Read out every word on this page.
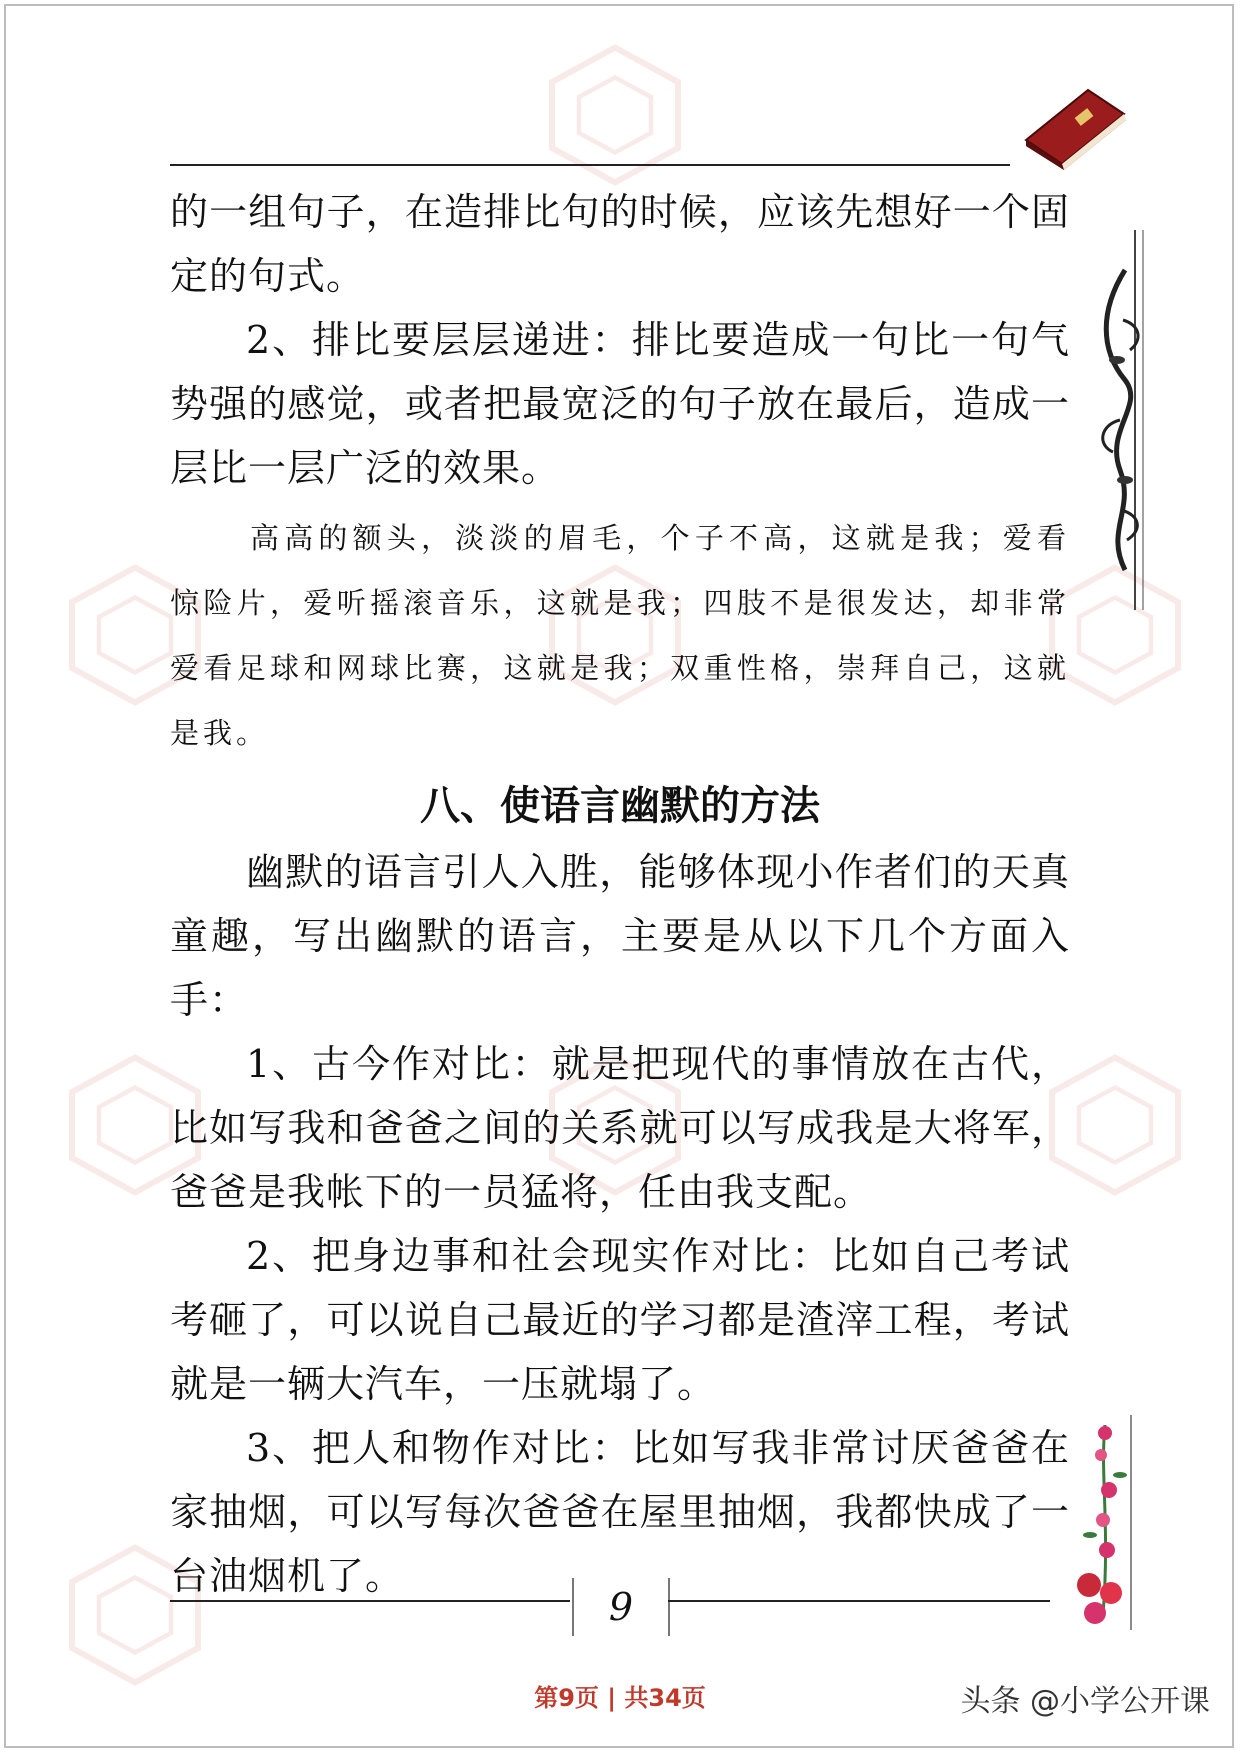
的一组句子，在造排比句的时候，应该先想好一个固定的句式。

2、排比要层层递进：排比要造成一句比一句气势强的感觉，或者把最宽泛的句子放在最后，造成一层比一层广泛的效果。

高高的额头，淡淡的眉毛，个子不高，这就是我；爱看惊险片，爱听摇滚音乐，这就是我；四肢不是很发达，却非常爱看足球和网球比赛，这就是我；双重性格，崇拜自己，这就是我。

八、使语言幽默的方法

幽默的语言引人入胜，能够体现小作者们的天真童趣，写出幽默的语言，主要是从以下几个方面入手：

1、古今作对比：就是把现代的事情放在古代，比如写我和爸爸之间的关系就可以写成我是大将军，爸爸是我帐下的一员猛将，任由我支配。

2、把身边事和社会现实作对比：比如自己考试考砸了，可以说自己最近的学习都是渣滓工程，考试就是一辆大汽车，一压就塌了。

3、把人和物作对比：比如写我非常讨厌爸爸在家抽烟，可以写每次爸爸在屋里抽烟，我都快成了一台油烟机了。

9
第9页 | 共34页	头条 @小学公开课
